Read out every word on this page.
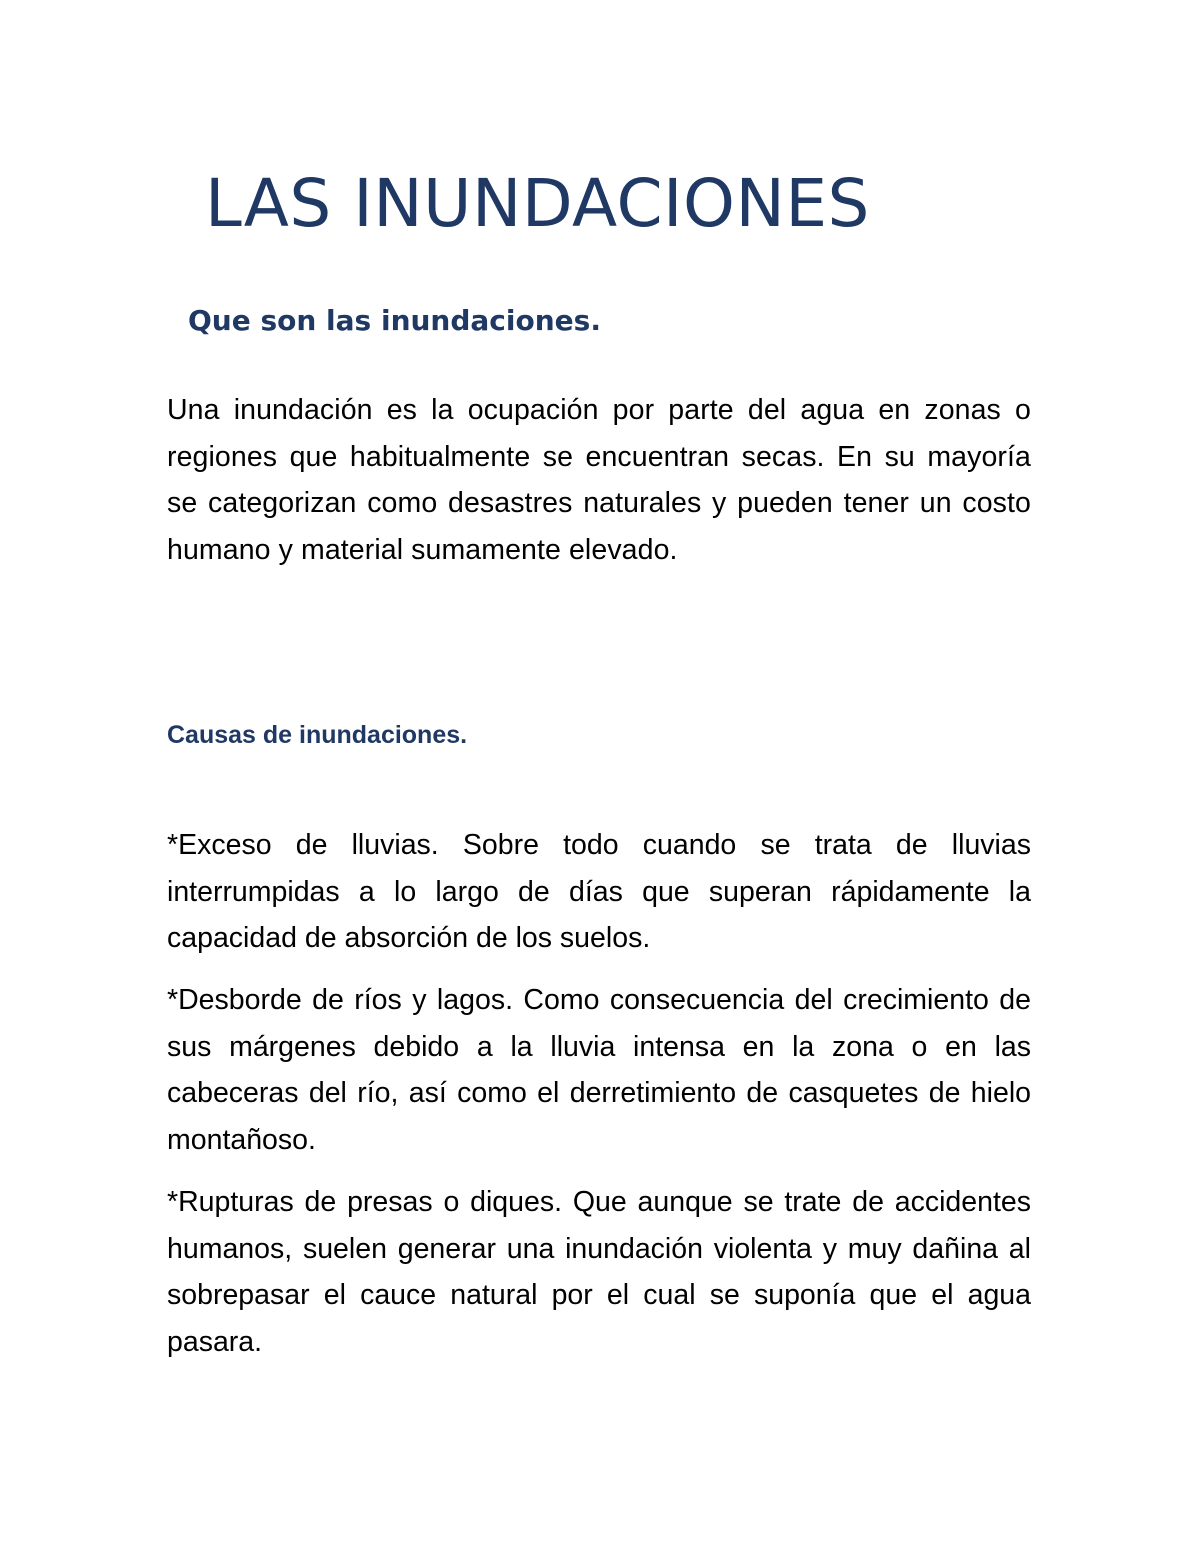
LAS INUNDACIONES
Que son las inundaciones.

Una inundación es la ocupación por parte del agua en zonas o regiones que habitualmente se encuentran secas. En su mayoría se categorizan como desastres naturales y pueden tener un costo humano y material sumamente elevado.

Causas de inundaciones.

*Exceso de lluvias. Sobre todo cuando se trata de lluvias interrumpidas a lo largo de días que superan rápidamente la capacidad de absorción de los suelos.

*Desborde de ríos y lagos. Como consecuencia del crecimiento de sus márgenes debido a la lluvia intensa en la zona o en las cabeceras del río, así como el derretimiento de casquetes de hielo montañoso.

*Rupturas de presas o diques. Que aunque se trate de accidentes humanos, suelen generar una inundación violenta y muy dañina al sobrepasar el cauce natural por el cual se suponía que el agua pasara.
